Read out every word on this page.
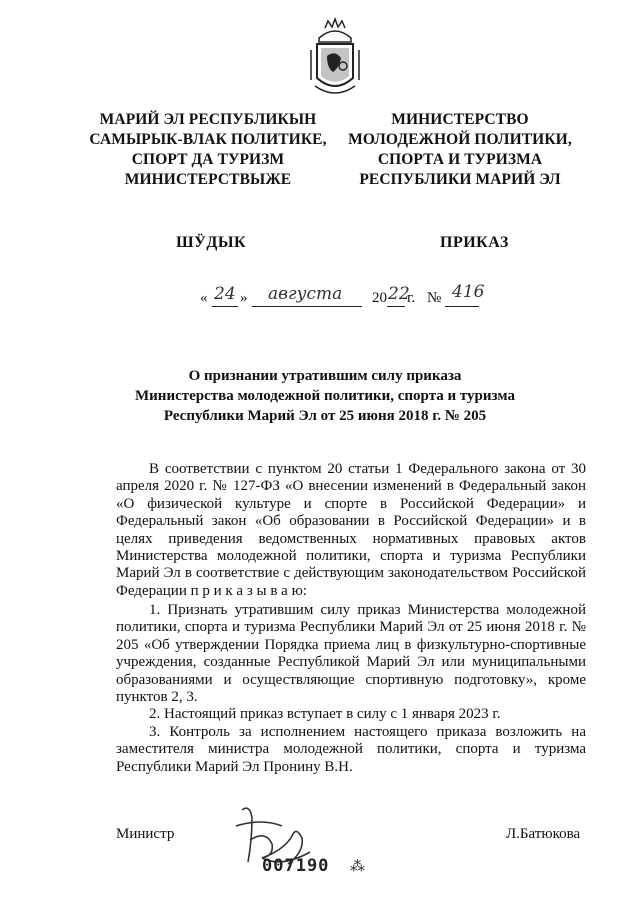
МАРИЙ ЭЛ РЕСПУБЛИКЫН
САМЫРЫК-ВЛАК ПОЛИТИКЕ,
СПОРТ ДА ТУРИЗМ
МИНИСТЕРСТВЫЖЕ
МИНИСТЕРСТВО
МОЛОДЕЖНОЙ ПОЛИТИКИ,
СПОРТА И ТУРИЗМА
РЕСПУБЛИКИ МАРИЙ ЭЛ
ШӰДЫК	ПРИКАЗ
« 24 » августа 20 22
г. № 416
О признании утратившим силу приказа
Министерства молодежной политики, спорта и туризма
Республики Марий Эл от 25 июня 2018 г. № 205

В соответствии с пунктом 20 статьи 1 Федерального закона от 30 апреля 2020 г. № 127-ФЗ «О внесении изменений в Федеральный закон «О физической культуре и спорте в Российской Федерации» и Федеральный закон «Об образовании в Российской Федерации» и в целях приведения ведомственных нормативных правовых актов Министерства молодежной политики, спорта и туризма Республики Марий Эл в соответствие с действующим законодательством Российской Федерации п р и к а з ы в а ю:

1. Признать утратившим силу приказ Министерства молодежной политики, спорта и туризма Республики Марий Эл от 25 июня 2018 г. № 205 «Об утверждении Порядка приема лиц в физкультурно-спортивные учреждения, созданные Республикой Марий Эл или муниципальными образованиями и осуществляющие спортивную подготовку», кроме пунктов 2, 3.

2. Настоящий приказ вступает в силу с 1 января 2023 г.

3. Контроль за исполнением настоящего приказа возложить на заместителя министра молодежной политики, спорта и туризма Республики Марий Эл Пронину В.Н.

Министр
007190 ⁂
Л.Батюкова
